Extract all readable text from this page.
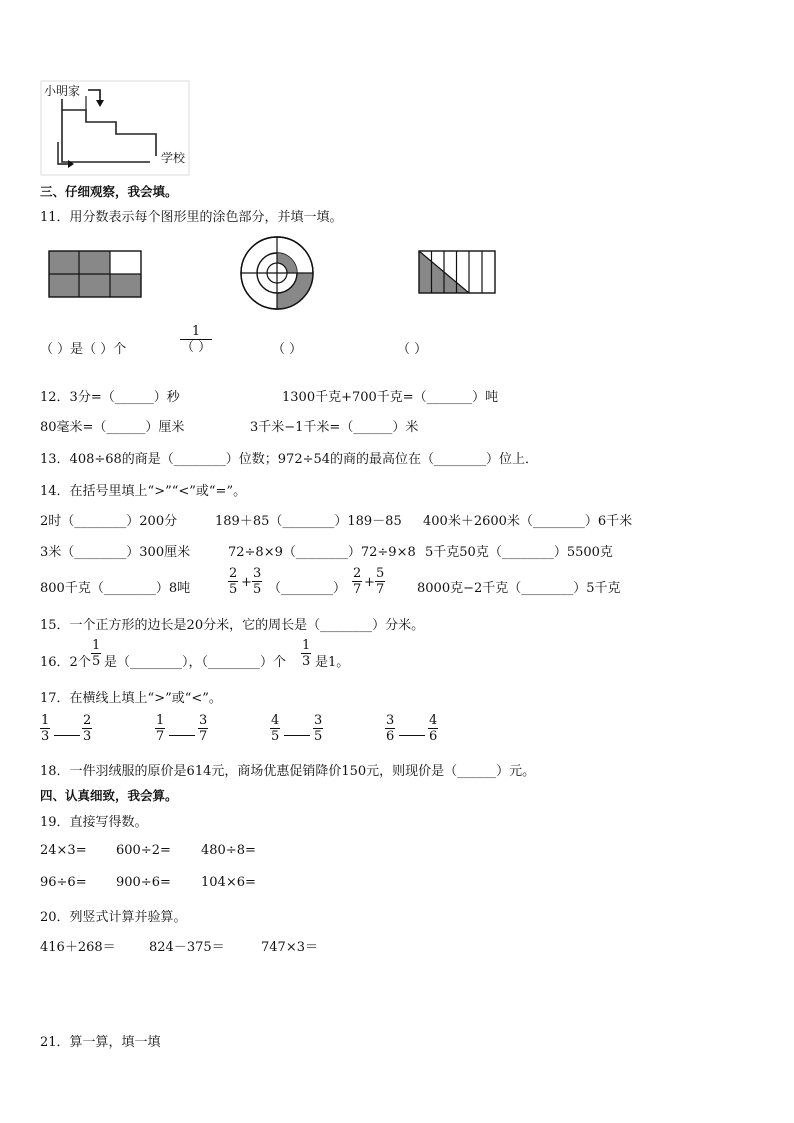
小明家
学校
三、仔细观察，我会填。
11．用分数表示每个图形里的涂色部分，并填一填。
（ ）是（ ）个
1
（ ）	（ ）	（ ）
12．3分=（______）秒	1300千克+700千克=（_______）吨
80毫米=（______）厘米	3千米−1千米=（______）米
13．408÷68的商是（________）位数；972÷54的商的最高位在（________）位上．
14．在括号里填上“>”“<”或“=”。
2时（________）200分	189＋85（________）189－85 400米＋2600米（________）6千米
3米（________）300厘米	72÷8×9（________）72÷9×8 5千克50克（________）5500克
800千克（________）8吨	$\frac{2}{5} + \frac{3}{5}$ （________） $\frac{2}{7} + \frac{5}{7} 8000$克−2千克（________）5千克
15．一个正方形的边长是20分米，它的周长是（________）分米。
16．2个 $\frac{1}{5}$ 是（________），（________）个 $\frac{1}{3}$ 是1。
17．在横线上填上“>”或“<”。
$\frac{1}{3} \frac{2}{3}$	$\frac{1}{7}$	$\frac{3}{7}$	$\frac{4}{5}$	$\frac{3}{5}$	$\frac{3}{6}$	$\frac{4}{6}$
18．一件羽绒服的原价是614元，商场优惠促销降价150元，则现价是（______）元。
四、认真细致，我会算。
19．直接写得数。
24×3= 600÷2= 480÷8=
96÷6= 900÷6= 104×6=
20．列竖式计算并验算。
416＋268＝	824－375＝	747×3＝
21．算一算，填一填
